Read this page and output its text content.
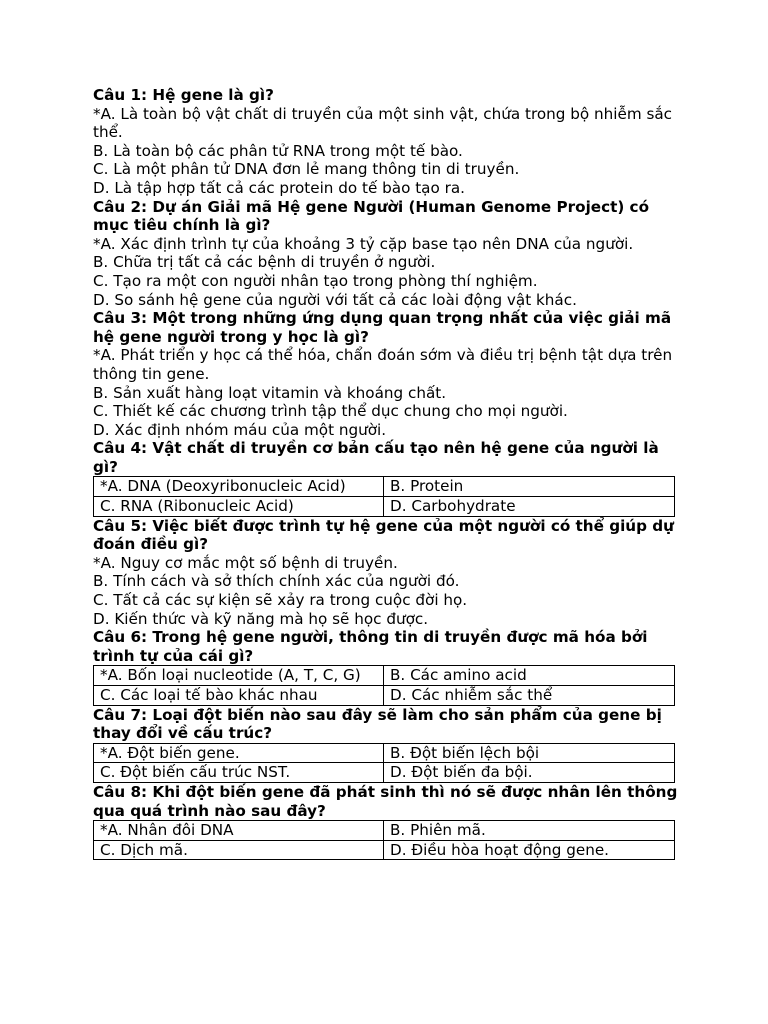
Câu 1: Hệ gene là gì?

*A. Là toàn bộ vật chất di truyền của một sinh vật, chứa trong bộ nhiễm sắc thể.

B. Là toàn bộ các phân tử RNA trong một tế bào.

C. Là một phân tử DNA đơn lẻ mang thông tin di truyền.

D. Là tập hợp tất cả các protein do tế bào tạo ra.

Câu 2: Dự án Giải mã Hệ gene Người (Human Genome Project) có mục tiêu chính là gì?

*A. Xác định trình tự của khoảng 3 tỷ cặp base tạo nên DNA của người.

B. Chữa trị tất cả các bệnh di truyền ở người.

C. Tạo ra một con người nhân tạo trong phòng thí nghiệm.

D. So sánh hệ gene của người với tất cả các loài động vật khác.

Câu 3: Một trong những ứng dụng quan trọng nhất của việc giải mã hệ gene người trong y học là gì?

*A. Phát triển y học cá thể hóa, chẩn đoán sớm và điều trị bệnh tật dựa trên thông tin gene.

B. Sản xuất hàng loạt vitamin và khoáng chất.

C. Thiết kế các chương trình tập thể dục chung cho mọi người.

D. Xác định nhóm máu của một người.

Câu 4: Vật chất di truyền cơ bản cấu tạo nên hệ gene của người là gì?

*A. DNA (Deoxyribonucleic Acid)	B. Protein
C. RNA (Ribonucleic Acid)	D. Carbohydrate

Câu 5: Việc biết được trình tự hệ gene của một người có thể giúp dự đoán điều gì?

*A. Nguy cơ mắc một số bệnh di truyền.

B. Tính cách và sở thích chính xác của người đó.

C. Tất cả các sự kiện sẽ xảy ra trong cuộc đời họ.

D. Kiến thức và kỹ năng mà họ sẽ học được.

Câu 6: Trong hệ gene người, thông tin di truyền được mã hóa bởi trình tự của cái gì?

*A. Bốn loại nucleotide (A, T, C, G)	B. Các amino acid
C. Các loại tế bào khác nhau	D. Các nhiễm sắc thể

Câu 7: Loại đột biến nào sau đây sẽ làm cho sản phẩm của gene bị thay đổi về cấu trúc?

*A. Đột biến gene.	B. Đột biến lệch bội
C. Đột biến cấu trúc NST.	D. Đột biến đa bội.

Câu 8: Khi đột biến gene đã phát sinh thì nó sẽ được nhân lên thông qua quá trình nào sau đây?

*A. Nhân đôi DNA	B. Phiên mã.
C. Dịch mã.	D. Điều hòa hoạt động gene.
